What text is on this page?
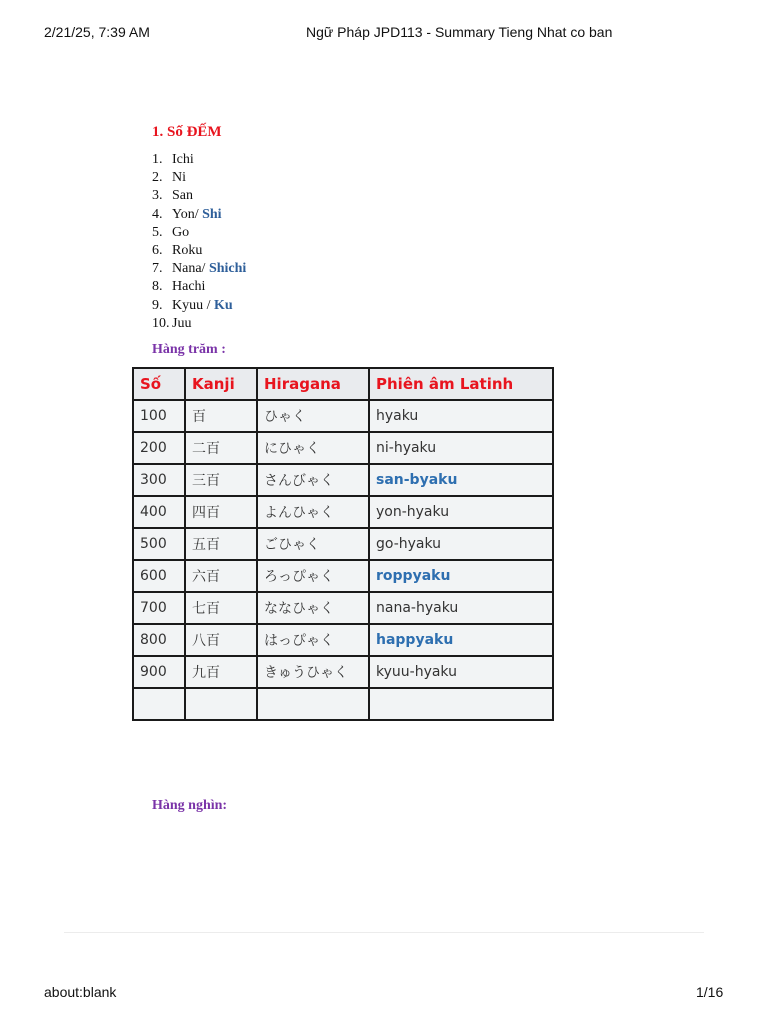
2/21/25, 7:39 AM	Ngữ Pháp JPD113 - Summary Tieng Nhat co ban
1. Số ĐẾM
1. Ichi
2. Ni
3. San
4. Yon/ Shi
5. Go
6. Roku
7. Nana/ Shichi
8. Hachi
9. Kyuu / Ku
10. Juu
Hàng trăm :
Số	Kanji	Hiragana	Phiên âm Latinh
100	百	ひゃく	hyaku
200	二百	にひゃく	ni-hyaku
300	三百	さんびゃく	san-byaku
400	四百	よんひゃく	yon-hyaku
500	五百	ごひゃく	go-hyaku
600	六百	ろっぴゃく	roppyaku
700	七百	ななひゃく	nana-hyaku
800	八百	はっぴゃく	happyaku
900	九百	きゅうひゃく	kyuu-hyaku

Hàng nghìn:
about:blank	1/16
